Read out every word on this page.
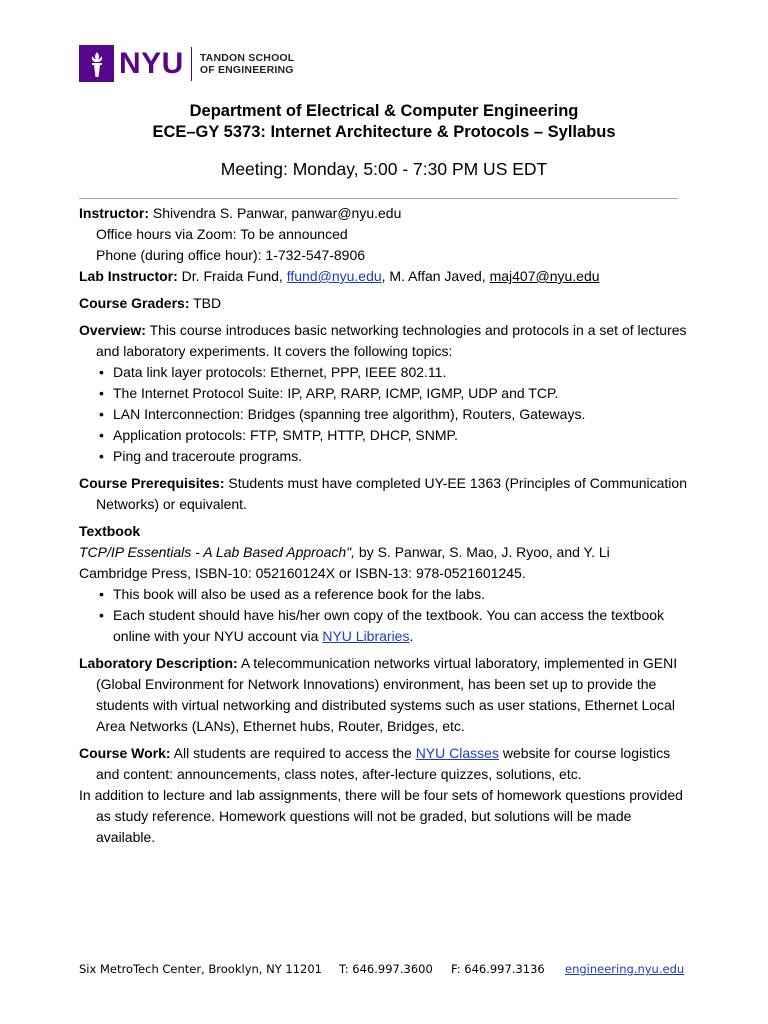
NYU TANDON SCHOOL
OF ENGINEERING
Department of Electrical & Computer Engineering
ECE–GY 5373: Internet Architecture & Protocols – Syllabus
Meeting: Monday, 5:00 - 7:30 PM US EDT

Instructor: Shivendra S. Panwar, panwar@nyu.edu

Office hours via Zoom: To be announced

Phone (during office hour): 1-732-547-8906

Lab Instructor: Dr. Fraida Fund, ffund@nyu.edu, M. Affan Javed, maj407@nyu.edu

Course Graders: TBD

Overview: This course introduces basic networking technologies and protocols in a set of lectures and laboratory experiments. It covers the following topics:

• Data link layer protocols: Ethernet, PPP, IEEE 802.11.
• The Internet Protocol Suite: IP, ARP, RARP, ICMP, IGMP, UDP and TCP.
• LAN Interconnection: Bridges (spanning tree algorithm), Routers, Gateways.
• Application protocols: FTP, SMTP, HTTP, DHCP, SNMP.
• Ping and traceroute programs.

Course Prerequisites: Students must have completed UY-EE 1363 (Principles of Communication Networks) or equivalent.

Textbook

TCP/IP Essentials - A Lab Based Approach", by S. Panwar, S. Mao, J. Ryoo, and Y. Li

Cambridge Press, ISBN-10: 052160124X or ISBN-13: 978-0521601245.

• This book will also be used as a reference book for the labs.
• Each student should have his/her own copy of the textbook. You can access the textbook online with your NYU account via NYU Libraries.

Laboratory Description: A telecommunication networks virtual laboratory, implemented in GENI (Global Environment for Network Innovations) environment, has been set up to provide the students with virtual networking and distributed systems such as user stations, Ethernet Local Area Networks (LANs), Ethernet hubs, Router, Bridges, etc.

Course Work: All students are required to access the NYU Classes website for course logistics and content: announcements, class notes, after-lecture quizzes, solutions, etc.

In addition to lecture and lab assignments, there will be four sets of homework questions provided as study reference. Homework questions will not be graded, but solutions will be made available.

Six MetroTech Center, Brooklyn, NY 11201 T: 646.997.3600 F: 646.997.3136 engineering.nyu.edu
